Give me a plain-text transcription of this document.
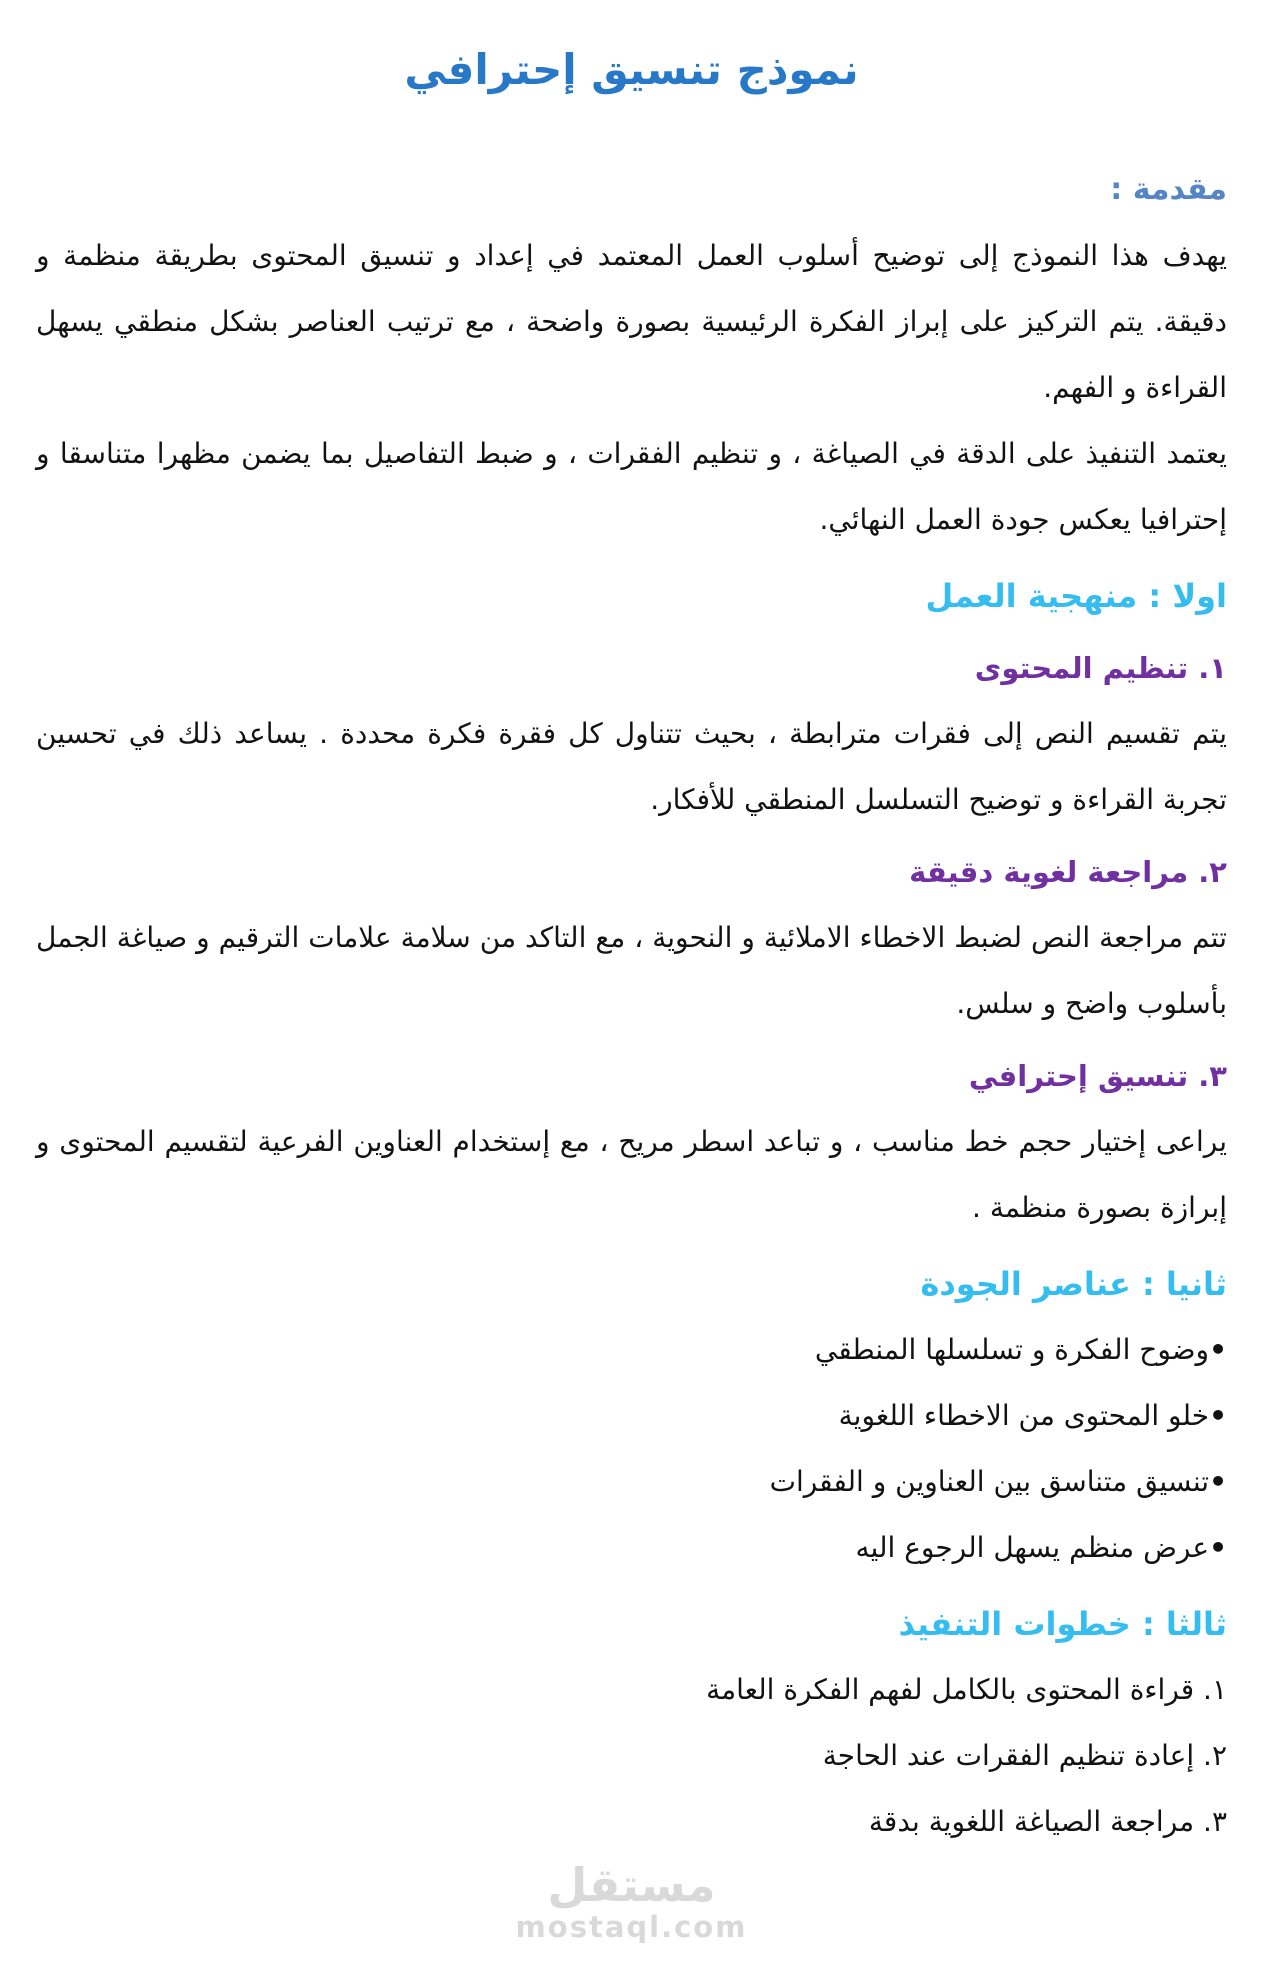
نموذج تنسيق إحترافي
مقدمة :

يهدف هذا النموذج إلى توضيح أسلوب العمل المعتمد في إعداد و تنسيق المحتوى بطريقة منظمة و دقيقة. يتم التركيز على إبراز الفكرة الرئيسية بصورة واضحة ، مع ترتيب العناصر بشكل منطقي يسهل القراءة و الفهم.

يعتمد التنفيذ على الدقة في الصياغة ، و تنظيم الفقرات ، و ضبط التفاصيل بما يضمن مظهرا متناسقا و إحترافيا يعكس جودة العمل النهائي.

اولا : منهجية العمل
١. تنظيم المحتوى

يتم تقسيم النص إلى فقرات مترابطة ، بحيث تتناول كل فقرة فكرة محددة . يساعد ذلك في تحسين تجربة القراءة و توضيح التسلسل المنطقي للأفكار.

٢. مراجعة لغوية دقيقة

تتم مراجعة النص لضبط الاخطاء الاملائية و النحوية ، مع التاكد من سلامة علامات الترقيم و صياغة الجمل بأسلوب واضح و سلس.

٣. تنسيق إحترافي

يراعى إختيار حجم خط مناسب ، و تباعد اسطر مريح ، مع إستخدام العناوين الفرعية لتقسيم المحتوى و إبرازة بصورة منظمة .

ثانيا : عناصر الجودة
• وضوح الفكرة و تسلسلها المنطقي
• خلو المحتوى من الاخطاء اللغوية
• تنسيق متناسق بين العناوين و الفقرات
• عرض منظم يسهل الرجوع اليه
ثالثا : خطوات التنفيذ
١. قراءة المحتوى بالكامل لفهم الفكرة العامة
٢. إعادة تنظيم الفقرات عند الحاجة
٣. مراجعة الصياغة اللغوية بدقة
مستقل
mostaql.com
